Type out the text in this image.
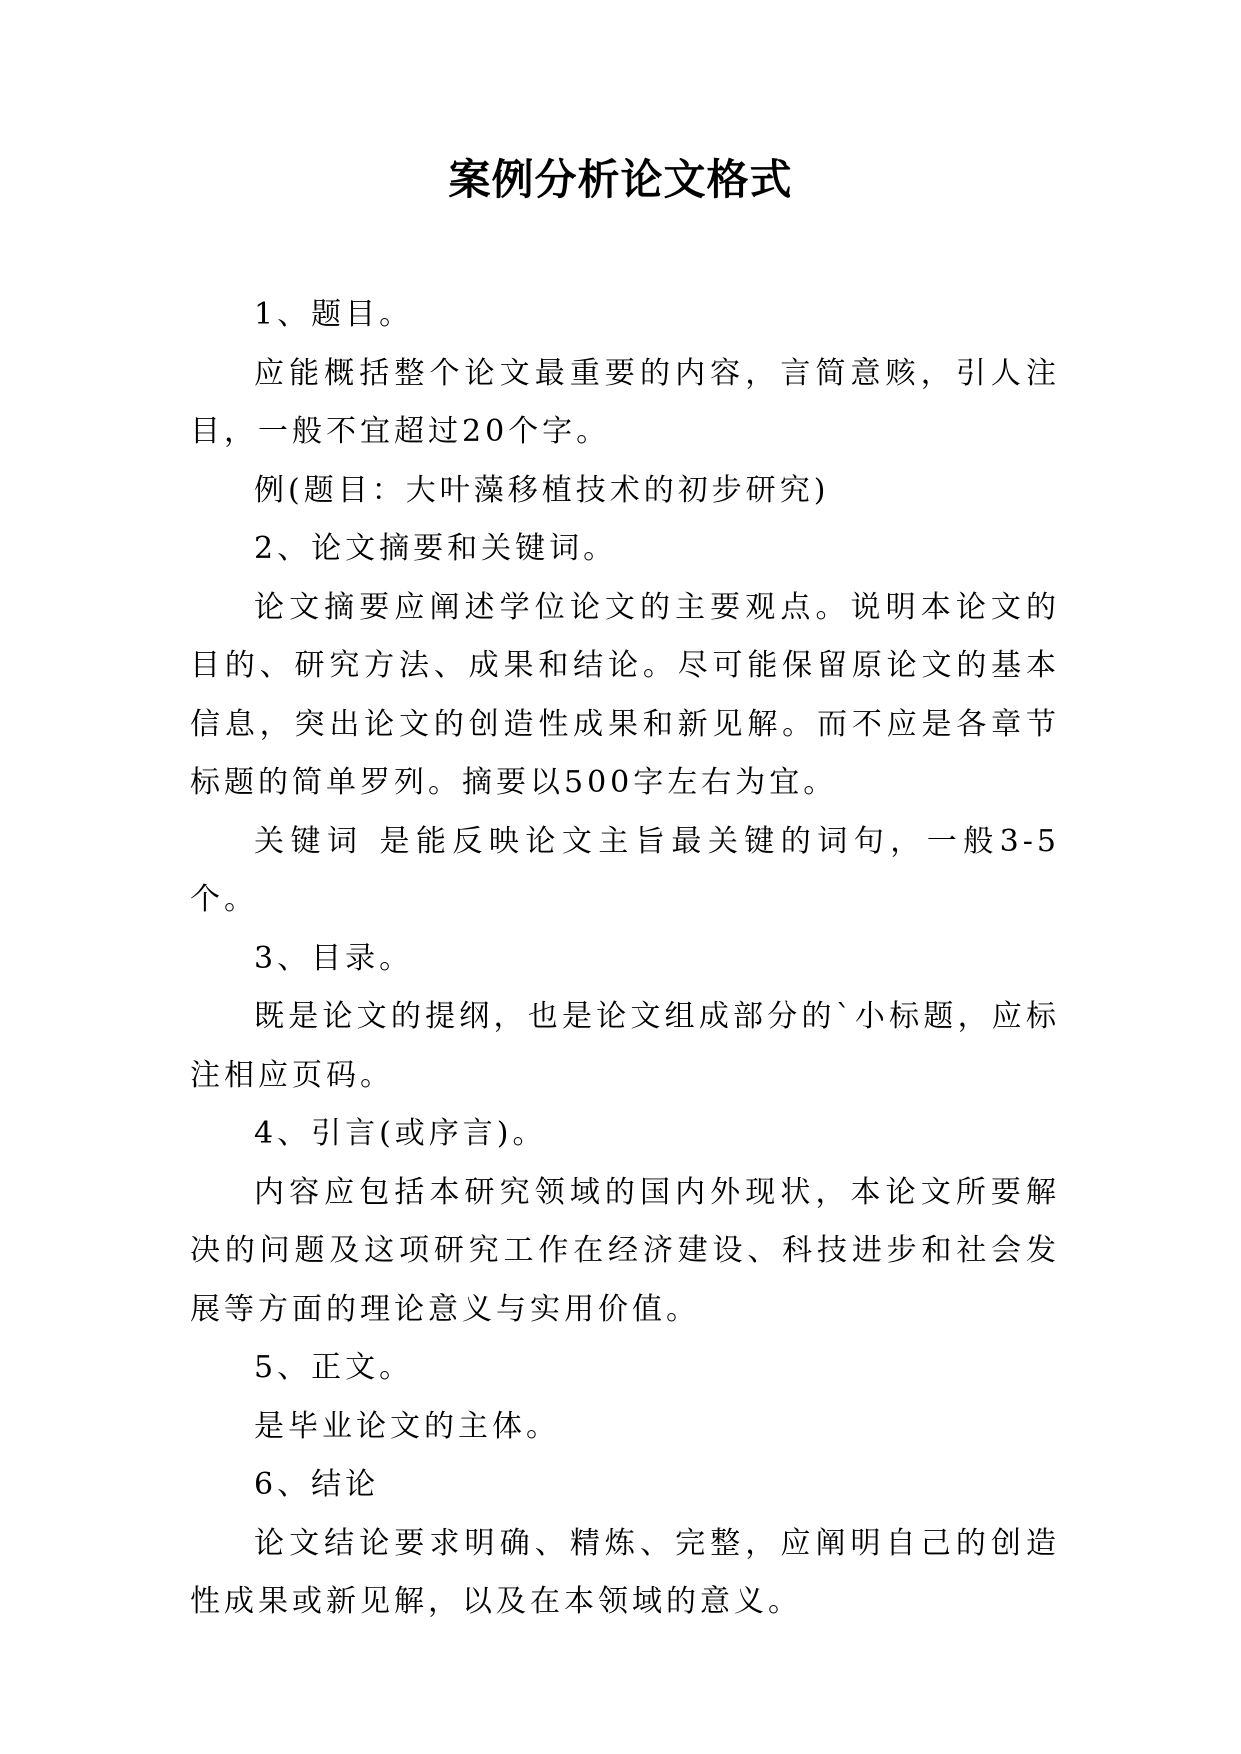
案例分析论文格式

1、题目。

应能概括整个论文最重要的内容，言简意赅，引人注目，一般不宜超过20个字。

例(题目：大叶藻移植技术的初步研究)

2、论文摘要和关键词。

论文摘要应阐述学位论文的主要观点。说明本论文的目的、研究方法、成果和结论。尽可能保留原论文的基本信息，突出论文的创造性成果和新见解。而不应是各章节标题的简单罗列。摘要以500字左右为宜。

关键词 是能反映论文主旨最关键的词句，一般3-5个。

3、目录。

既是论文的提纲，也是论文组成部分的`小标题，应标注相应页码。

4、引言(或序言)。

内容应包括本研究领域的国内外现状，本论文所要解决的问题及这项研究工作在经济建设、科技进步和社会发展等方面的理论意义与实用价值。

5、正文。

是毕业论文的主体。

6、结论

论文结论要求明确、精炼、完整，应阐明自己的创造性成果或新见解，以及在本领域的意义。
